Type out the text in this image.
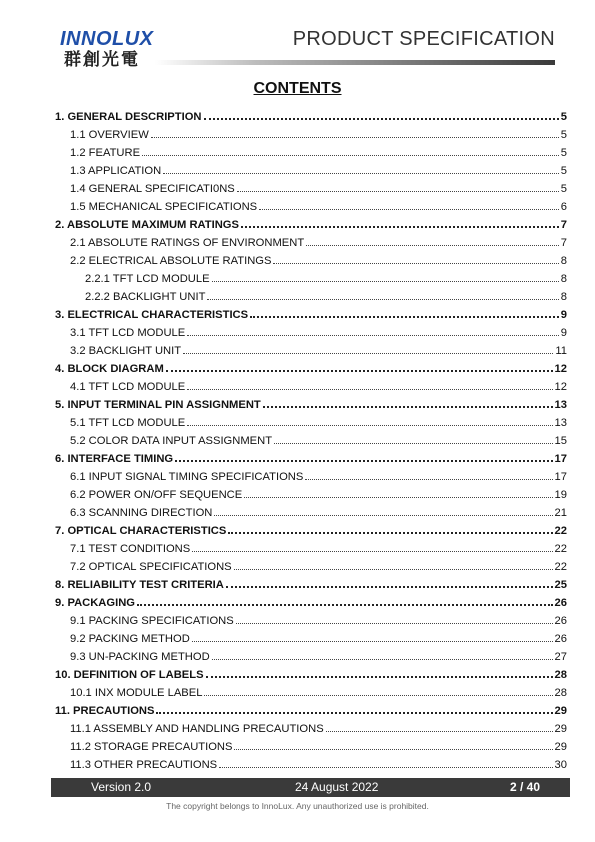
INNOLUX
群創光電
PRODUCT SPECIFICATION
CONTENTS
1. GENERAL DESCRIPTION	5
1.1 OVERVIEW	5
1.2 FEATURE	5
1.3 APPLICATION	5
1.4 GENERAL SPECIFICATI0NS	5
1.5 MECHANICAL SPECIFICATIONS	6
2. ABSOLUTE MAXIMUM RATINGS	7
2.1 ABSOLUTE RATINGS OF ENVIRONMENT	7
2.2 ELECTRICAL ABSOLUTE RATINGS	8
2.2.1 TFT LCD MODULE	8
2.2.2 BACKLIGHT UNIT	8
3. ELECTRICAL CHARACTERISTICS	9
3.1 TFT LCD MODULE	9
3.2 BACKLIGHT UNIT	11
4. BLOCK DIAGRAM	12
4.1 TFT LCD MODULE	12
5. INPUT TERMINAL PIN ASSIGNMENT	13
5.1 TFT LCD MODULE	13
5.2 COLOR DATA INPUT ASSIGNMENT	15
6. INTERFACE TIMING	17
6.1 INPUT SIGNAL TIMING SPECIFICATIONS	17
6.2 POWER ON/OFF SEQUENCE	19
6.3 SCANNING DIRECTION	21
7. OPTICAL CHARACTERISTICS	22
7.1 TEST CONDITIONS	22
7.2 OPTICAL SPECIFICATIONS	22
8. RELIABILITY TEST CRITERIA	25
9. PACKAGING	26
9.1 PACKING SPECIFICATIONS	26
9.2 PACKING METHOD	26
9.3 UN-PACKING METHOD	27
10. DEFINITION OF LABELS	28
10.1 INX MODULE LABEL	28
11. PRECAUTIONS	29
11.1 ASSEMBLY AND HANDLING PRECAUTIONS	29
11.2 STORAGE PRECAUTIONS	29
11.3 OTHER PRECAUTIONS	30
Version 2.0	24 August 2022	2 / 40
The copyright belongs to InnoLux. Any unauthorized use is prohibited.
